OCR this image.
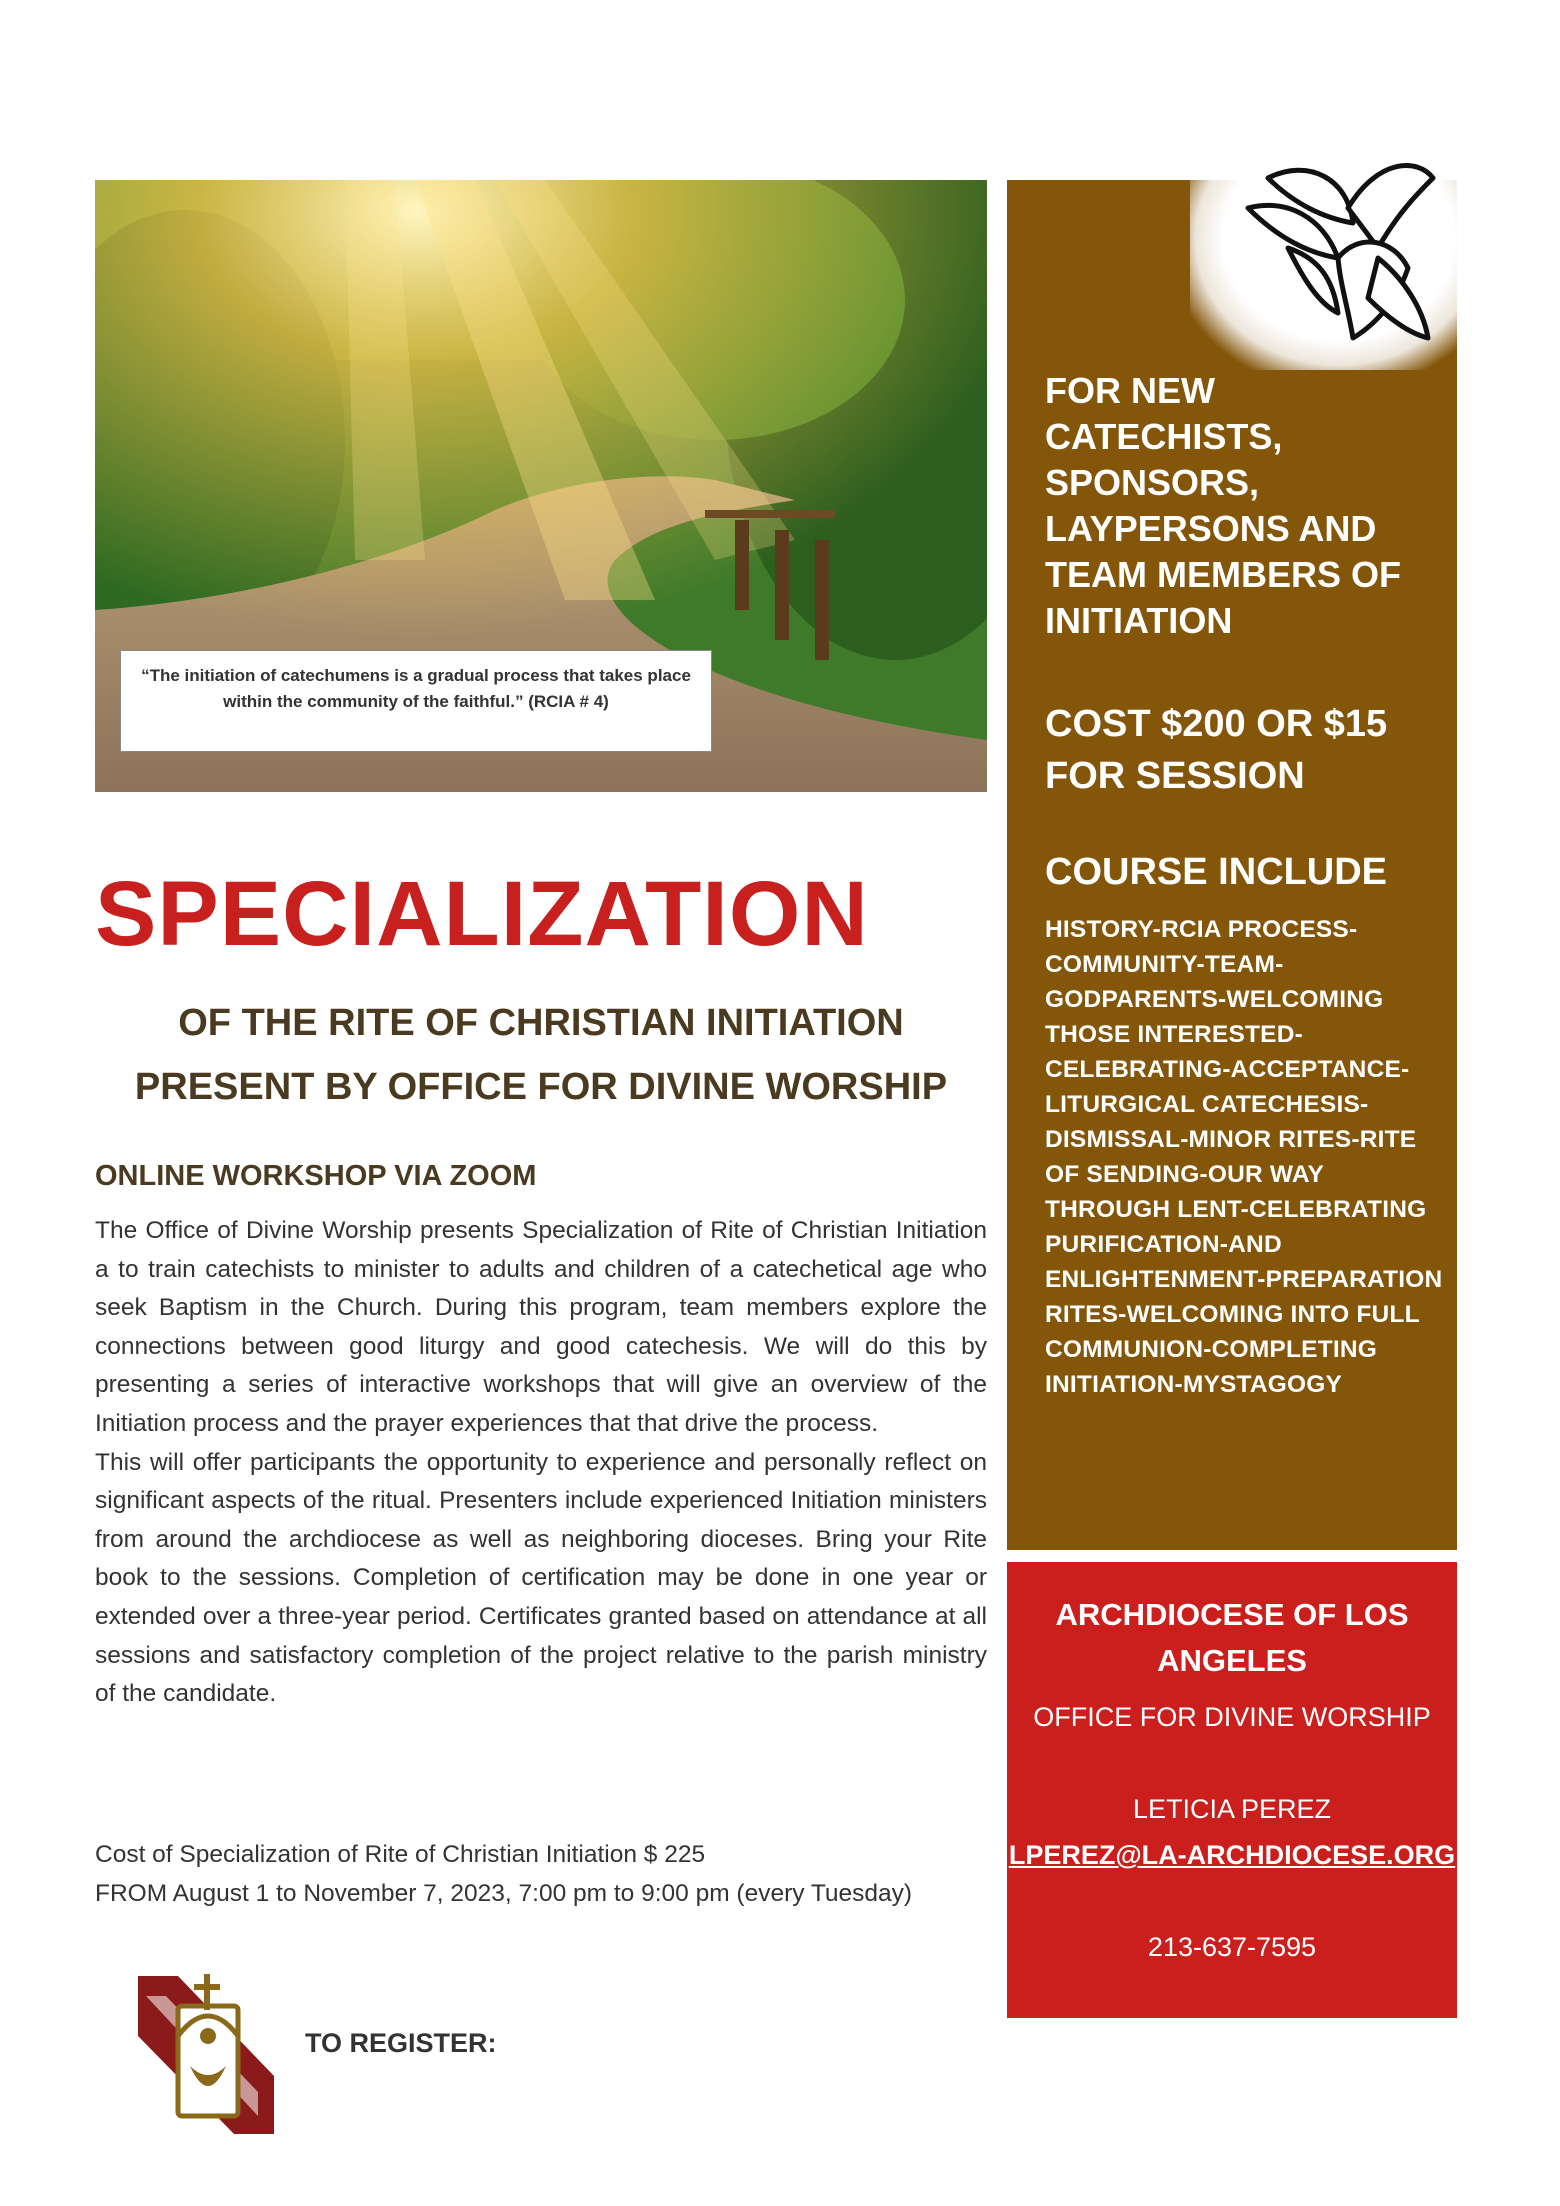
“The initiation of catechumens is a gradual process that takes place within the community of the faithful.” (RCIA # 4)
SPECIALIZATION
OF THE RITE OF CHRISTIAN INITIATION
PRESENT BY OFFICE FOR DIVINE WORSHIP
ONLINE WORKSHOP VIA ZOOM

The Office of Divine Worship presents Specialization of Rite of Christian Initiation a to train catechists to minister to adults and children of a catechetical age who seek Baptism in the Church. During this program, team members explore the connections between good liturgy and good catechesis. We will do this by presenting a series of interactive workshops that will give an overview of the Initiation process and the prayer experiences that that drive the process.

This will offer participants the opportunity to experience and personally reflect on significant aspects of the ritual. Presenters include experienced Initiation ministers from around the archdiocese as well as neighboring dioceses. Bring your Rite book to the sessions. Completion of certification may be done in one year or extended over a three-year period. Certificates granted based on attendance at all sessions and satisfactory completion of the project relative to the parish ministry of the candidate.

Cost of Specialization of Rite of Christian Initiation $ 225
FROM August 1 to November 7, 2023, 7:00 pm to 9:00 pm (every Tuesday)
TO REGISTER:
FOR NEW CATECHISTS, SPONSORS, LAYPERSONS AND TEAM MEMBERS OF INITIATION
COST $200 OR $15 FOR SESSION
COURSE INCLUDE
HISTORY-RCIA PROCESS-COMMUNITY-TEAM-GODPARENTS-WELCOMING THOSE INTERESTED-CELEBRATING-ACCEPTANCE-LITURGICAL CATECHESIS-DISMISSAL-MINOR RITES-RITE OF SENDING-OUR WAY THROUGH LENT-CELEBRATING PURIFICATION-AND ENLIGHTENMENT-PREPARATION RITES-WELCOMING INTO FULL COMMUNION-COMPLETING INITIATION-MYSTAGOGY
ARCHDIOCESE OF LOS ANGELES
OFFICE FOR DIVINE WORSHIP
LETICIA PEREZ
LPEREZ@LA-ARCHDIOCESE.ORG
213-637-7595
